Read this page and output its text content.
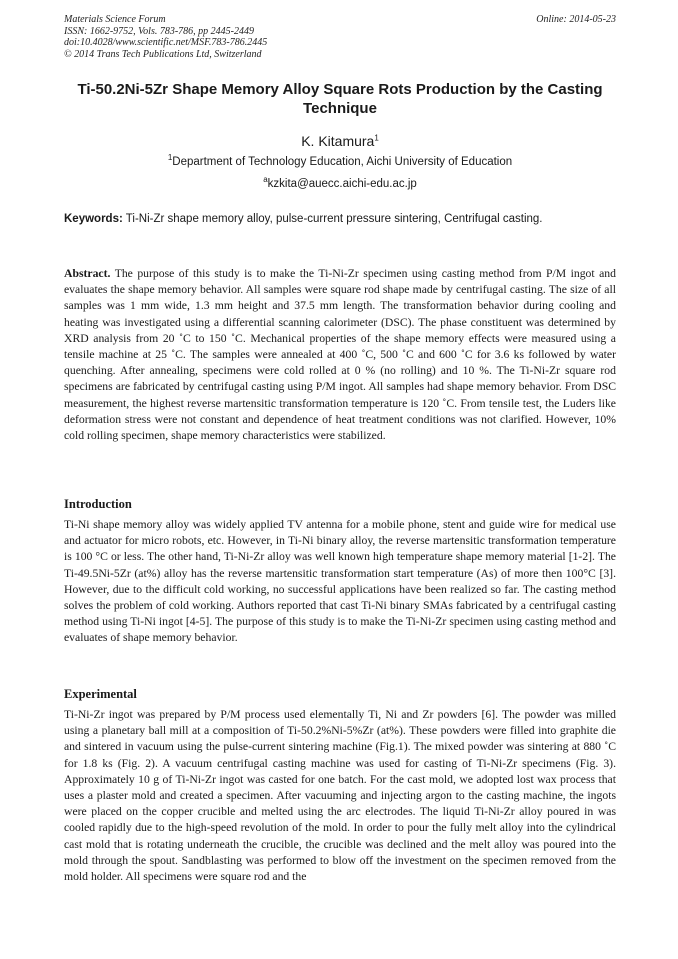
Materials Science Forum
ISSN: 1662-9752, Vols. 783-786, pp 2445-2449
doi:10.4028/www.scientific.net/MSF.783-786.2445
© 2014 Trans Tech Publications Ltd, Switzerland
Online: 2014-05-23
Ti-50.2Ni-5Zr Shape Memory Alloy Square Rots Production by the Casting Technique
K. Kitamura$^1$
$^1$Department of Technology Education, Aichi University of Education
$^a$kzkita@auecc.aichi-edu.ac.jp
Keywords: Ti-Ni-Zr shape memory alloy, pulse-current pressure sintering, Centrifugal casting.

Abstract. The purpose of this study is to make the Ti-Ni-Zr specimen using casting method from P/M ingot and evaluates the shape memory behavior. All samples were square rod shape made by centrifugal casting. The size of all samples was 1 mm wide, 1.3 mm height and 37.5 mm length. The transformation behavior during cooling and heating was investigated using a differential scanning calorimeter (DSC). The phase constituent was determined by XRD analysis from 20 ˚C to 150 ˚C. Mechanical properties of the shape memory effects were measured using a tensile machine at 25 ˚C. The samples were annealed at 400 ˚C, 500 ˚C and 600 ˚C for 3.6 ks followed by water quenching. After annealing, specimens were cold rolled at 0 % (no rolling) and 10 %. The Ti-Ni-Zr square rod specimens are fabricated by centrifugal casting using P/M ingot. All samples had shape memory behavior. From DSC measurement, the highest reverse martensitic transformation temperature is 120 ˚C. From tensile test, the Luders like deformation stress were not constant and dependence of heat treatment conditions was not clarified. However, 10% cold rolling specimen, shape memory characteristics were stabilized.

Introduction

Ti-Ni shape memory alloy was widely applied TV antenna for a mobile phone, stent and guide wire for medical use and actuator for micro robots, etc. However, in Ti-Ni binary alloy, the reverse martensitic transformation temperature is 100 °C or less. The other hand, Ti-Ni-Zr alloy was well known high temperature shape memory material [1-2]. The Ti-49.5Ni-5Zr (at%) alloy has the reverse martensitic transformation start temperature (As) of more then 100°C [3]. However, due to the difficult cold working, no successful applications have been realized so far. The casting method solves the problem of cold working. Authors reported that cast Ti-Ni binary SMAs fabricated by a centrifugal casting method using Ti-Ni ingot [4-5]. The purpose of this study is to make the Ti-Ni-Zr specimen using casting method and evaluates of shape memory behavior.

Experimental

Ti-Ni-Zr ingot was prepared by P/M process used elementally Ti, Ni and Zr powders [6]. The powder was milled using a planetary ball mill at a composition of Ti-50.2%Ni-5%Zr (at%). These powders were filled into graphite die and sintered in vacuum using the pulse-current sintering machine (Fig.1). The mixed powder was sintering at 880 ˚C for 1.8 ks (Fig. 2). A vacuum centrifugal casting machine was used for casting of Ti-Ni-Zr specimens (Fig. 3). Approximately 10 g of Ti-Ni-Zr ingot was casted for one batch. For the cast mold, we adopted lost wax process that uses a plaster mold and created a specimen. After vacuuming and injecting argon to the casting machine, the ingots were placed on the copper crucible and melted using the arc electrodes. The liquid Ti-Ni-Zr alloy poured in was cooled rapidly due to the high-speed revolution of the mold. In order to pour the fully melt alloy into the cylindrical cast mold that is rotating underneath the crucible, the crucible was declined and the melt alloy was poured into the mold through the spout. Sandblasting was performed to blow off the investment on the specimen removed from the mold holder. All specimens were square rod and the
